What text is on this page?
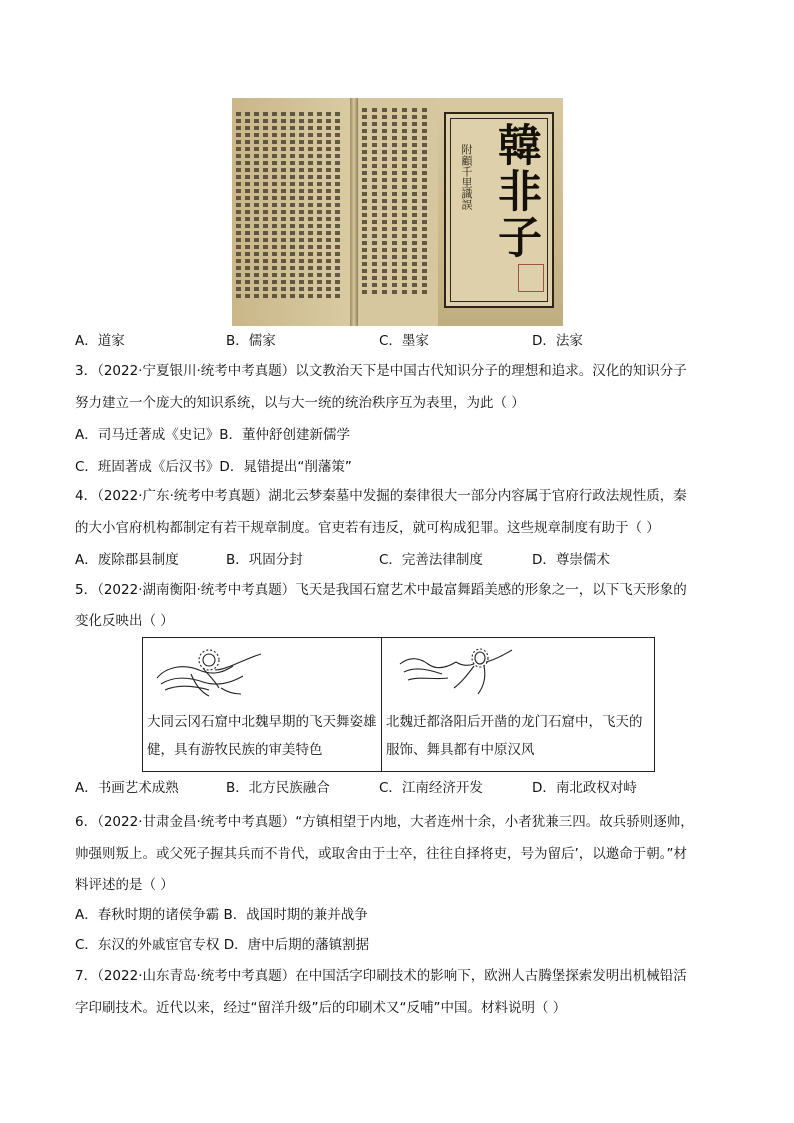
韓非子
附顧千里識誤
A．道家	B．儒家	C．墨家	D．法家
3．（2022·宁夏银川·统考中考真题）以文教治天下是中国古代知识分子的理想和追求。汉化的知识分子
努力建立一个庞大的知识系统，以与大一统的统治秩序互为表里，为此（ ）
A．司马迁著成《史记》B．董仲舒创建新儒学
C．班固著成《后汉书》D．晁错提出“削藩策”
4．（2022·广东·统考中考真题）湖北云梦秦墓中发掘的秦律很大一部分内容属于官府行政法规性质，秦
的大小官府机构都制定有若干规章制度。官吏若有违反，就可构成犯罪。这些规章制度有助于（ ）
A．废除郡县制度	B．巩固分封	C．完善法律制度	D．尊崇儒术
5．（2022·湖南衡阳·统考中考真题）飞天是我国石窟艺术中最富舞蹈美感的形象之一，以下飞天形象的
变化反映出（ ）
大同云冈石窟中北魏早期的飞天舞姿雄健，具有游牧民族的审美特色
北魏迁都洛阳后开凿的龙门石窟中，飞天的服饰、舞具都有中原汉风
A．书画艺术成熟	B．北方民族融合	C．江南经济开发	D．南北政权对峙
6．（2022·甘肃金昌·统考中考真题）“方镇相望于内地，大者连州十余，小者犹兼三四。故兵骄则逐帅，
帅强则叛上。或父死子握其兵而不肯代，或取舍由于士卒，往往自择将吏，号为留后’，以邀命于朝。”材
料评述的是（ ）
A．春秋时期的诸侯争霸 B．战国时期的兼并战争
C．东汉的外戚宦官专权 D．唐中后期的藩镇割据
7．（2022·山东青岛·统考中考真题）在中国活字印刷技术的影响下，欧洲人古腾堡探索发明出机械铅活
字印刷技术。近代以来，经过“留洋升级”后的印刷术又“反哺”中国。材料说明（ ）
